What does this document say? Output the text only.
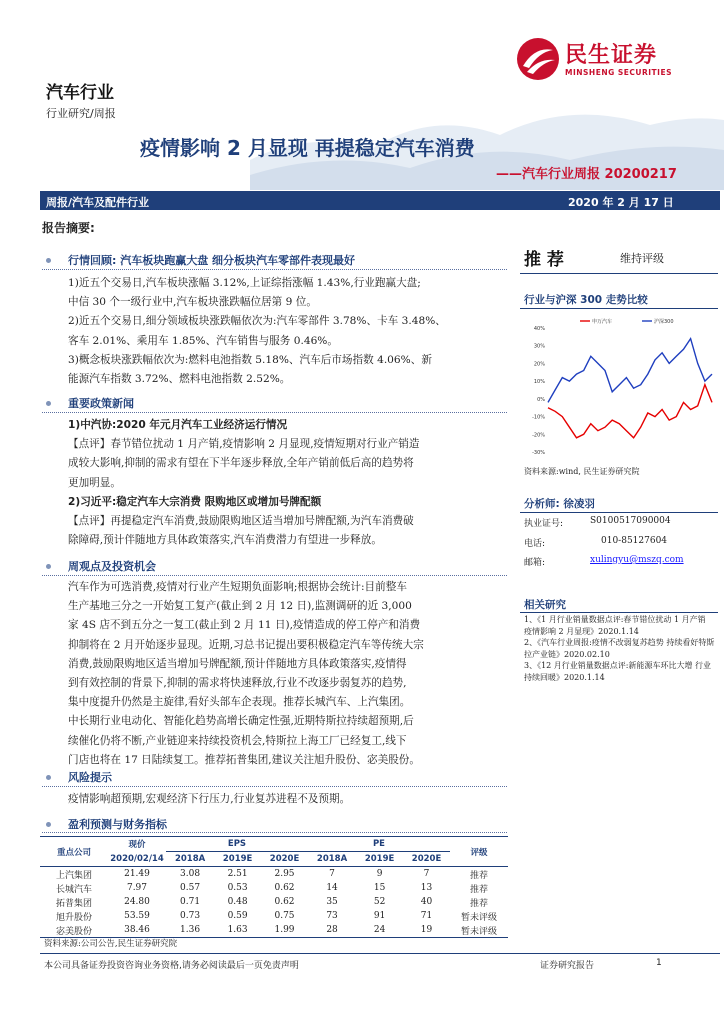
民生证券
MINSHENG SECURITIES
汽车行业
行业研究/周报
疫情影响 2 月显现 再提稳定汽车消费
——汽车行业周报 20200217
周报/汽车及配件行业	2020 年 2 月 17 日
报告摘要:
行情回顾: 汽车板块跑赢大盘 细分板块汽车零部件表现最好
1)近五个交易日,汽车板块涨幅 3.12%,上证综指涨幅 1.43%,行业跑赢大盘;
中信 30 个一级行业中,汽车板块涨跌幅位居第 9 位。
2)近五个交易日,细分领域板块涨跌幅依次为:汽车零部件 3.78%、卡车 3.48%、
客车 2.01%、乘用车 1.85%、汽车销售与服务 0.46%。
3)概念板块涨跌幅依次为:燃料电池指数 5.18%、汽车后市场指数 4.06%、新
能源汽车指数 3.72%、燃料电池指数 2.52%。
重要政策新闻
1)中汽协:2020 年元月汽车工业经济运行情况
【点评】春节错位扰动 1 月产销,疫情影响 2 月显现,疫情短期对行业产销造
成较大影响,抑制的需求有望在下半年逐步释放,全年产销前低后高的趋势将
更加明显。
2)习近平:稳定汽车大宗消费 限购地区或增加号牌配额
【点评】再提稳定汽车消费,鼓励限购地区适当增加号牌配额,为汽车消费破
除障碍,预计伴随地方具体政策落实,汽车消费潜力有望进一步释放。
周观点及投资机会
汽车作为可选消费,疫情对行业产生短期负面影响;根据协会统计:目前整车
生产基地三分之一开始复工复产(截止到 2 月 12 日),监测调研的近 3,000
家 4S 店不到五分之一复工(截止到 2 月 11 日),疫情造成的停工停产和消费
抑制将在 2 月开始逐步显现。近期,习总书记提出要积极稳定汽车等传统大宗
消费,鼓励限购地区适当增加号牌配额,预计伴随地方具体政策落实,疫情得
到有效控制的背景下,抑制的需求将快速释放,行业不改逐步弱复苏的趋势,
集中度提升仍然是主旋律,看好头部车企表现。推荐长城汽车、上汽集团。
中长期行业电动化、智能化趋势高增长确定性强,近期特斯拉持续超预期,后
续催化仍将不断,产业链迎来持续投资机会,特斯拉上海工厂已经复工,线下
门店也将在 17 日陆续复工。推荐拓普集团,建议关注旭升股份、宓美股份。
风险提示
疫情影响超预期,宏观经济下行压力,行业复苏进程不及预期。
盈利预测与财务指标
重点公司	现价	EPS			PE			评级
	2020/02/14	2018A	2019E	2020E	2018A	2019E	2020E	
上汽集团	21.49	3.08	2.51	2.95	7	9	7	推荐
长城汽车	7.97	0.57	0.53	0.62	14	15	13	推荐
拓普集团	24.80	0.71	0.48	0.62	35	52	40	推荐
旭升股份	53.59	0.73	0.59	0.75	73	91	71	暂未评级
宓美股份	38.46	1.36	1.63	1.99	28	24	19	暂未评级
资料来源:公司公告,民生证券研究院
推 荐	维持评级
行业与沪深 300 走势比较
40%
30%
20%
10%
0%
-10%
-20%
-30%
申万汽车	沪深300
资料来源:wind, 民生证券研究院
分析师: 徐凌羽
执业证号:	S0100517090004
电话:	010-85127604
邮箱:	xulingyu@mszq.com
相关研究
1、《1 月行业销量数据点评:春节错位扰动 1 月产销 疫情影响 2 月显现》2020.1.14
2、《汽车行业周报:疫情不改弱复苏趋势 持续看好特斯拉产业链》2020.02.10
3、《12 月行业销量数据点评:新能源车环比大增 行业持续回暖》2020.1.14
本公司具备证券投资咨询业务资格,请务必阅读最后一页免责声明	证券研究报告	1
